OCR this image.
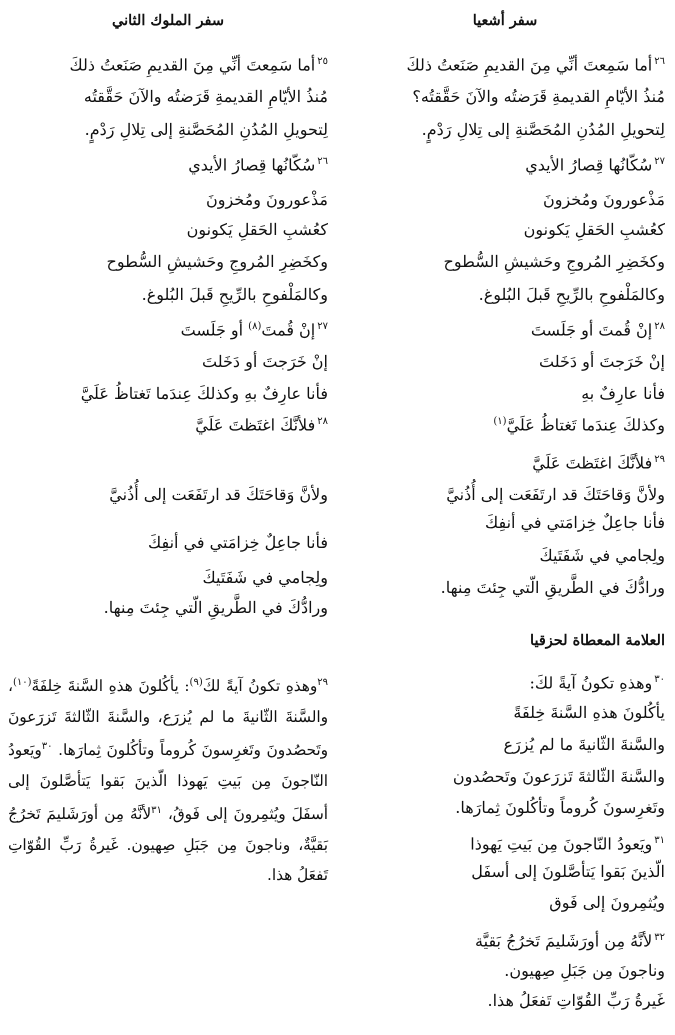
سفر أشعيا
$^{٢٦}$أما سَمِعتَ أنِّي مِنَ القديمِ صَنَعتُ ذلكَ
مُنذُ الأيّامِ القديمةِ قَرَضتُه والآنَ حَقَّقتُه؟
لِتحويلِ المُدُنِ المُحَصَّنةِ إلى تِلالِ رَدْمٍ.
$^{٢٧}$سُكّانُها قِصارُ الأيدي
مَذْعورونَ ومُخزونَ
كعُشبِ الحَقلِ يَكونون
وكخَضِرِ المُروجِ وحَشيشِ السُّطوح
وكالمَلْفوحِ بالرِّيحِ قَبلَ البُلوغ.
$^{٢٨}$إنْ قُمتَ أو جَلَستَ
إنْ خَرَجتَ أو دَخَلتَ
فأنا عارِفٌ بهِ
وكذلكَ عِندَما تَغتاظُ عَلَيَّ$^{(١)}$
$^{٢٩}$فلأنَّكَ اغتَظتَ عَلَيَّ
ولأنَّ وَقاحَتَكَ قد ارتَفَعَت إلى أُذُنيَّ
فأنا جاعِلٌ خِزامَتي في أنفِكَ
ولِجامي في شَفَتَيكَ
ورادُّكَ في الطَّريقِ الّتي جِئتَ مِنها.
العلامة المعطاة لحزقيا
$^{٣٠}$وهذهِ تكونُ آيةً لكَ:
يأكُلونَ هذهِ السَّنةَ خِلفَةً
والسَّنةَ الثّانيةَ ما لم يُزرَع
والسَّنةَ الثّالثةَ تَزرَعونَ وتَحصُدون
وتَغرِسونَ كُروماً وتأكُلونَ ثِمارَها.
$^{٣١}$ويَعودُ النّاجونَ مِن بَيتِ يَهوذا
الّذينَ بَقوا يَتأصَّلونَ إلى أسفَل
ويُثمِرونَ إلى فَوق
$^{٣٢}$لأنَّهُ مِن أورَشَليمَ تَخرُجُ بَقيَّة
وناجونَ مِن جَبَلِ صِهيون.
غَيرةُ رَبِّ القُوّاتِ تَفعَلُ هذا.
سفر الملوك الثاني
$^{٢٥}$أما سَمِعتَ أنِّي مِنَ القديمِ صَنَعتُ ذلكَ
مُنذُ الأيّامِ القديمةِ قَرَضتُه والآنَ حَقَّقتُه
لِتحويلِ المُدُنِ المُحَصَّنةِ إلى تِلالِ رَدْمٍ.
$^{٢٦}$سُكّانُها قِصارُ الأيدي
مَذْعورونَ ومُخزونَ
كعُشبِ الحَقلِ يَكونون
وكخَضِرِ المُروجِ وحَشيشِ السُّطوح
وكالمَلْفوحِ بالرِّيحِ قَبلَ البُلوغ.
$^{٢٧}$إنْ قُمتَ$^{(٨)}$ أو جَلَستَ
إنْ خَرَجتَ أو دَخَلتَ
فأنا عارِفٌ بهِ وكذلكَ عِندَما تَغتاظُ عَلَيَّ
$^{٢٨}$فلأنَّكَ اغتَظتَ عَلَيَّ
ولأنَّ وَقاحَتَكَ قد ارتَفَعَت إلى أُذُنيَّ
فأنا جاعِلٌ خِزامَتي في أنفِكَ
ولِجامي في شَفَتَيكَ
ورادُّكَ في الطَّريقِ الّتي جِئتَ مِنها.
$^{٢٩}$وهذهِ تكونُ آيةً لكَ$^{(٩)}$: يأكُلونَ هذهِ السَّنةَ خِلفَةً$^{(١٠)}$، والسَّنةَ الثّانيةَ ما لم يُزرَع، والسَّنةَ الثّالثةَ تَزرَعونَ وتَحصُدونَ وتَغرِسونَ كُروماً وتأكُلونَ ثِمارَها. $^{٣٠}$ويَعودُ النّاجونَ مِن بَيتِ يَهوذا الّذينَ بَقوا يَتأصَّلونَ إلى أسفَلَ ويُثمِرونَ إلى فَوقُ، $^{٣١}$لأنَّهُ مِن أورَشَليمَ تَخرُجُ بَقيَّةٌ، وناجونَ مِن جَبَلِ صِهيون. غَيرةُ رَبِّ القُوّاتِ تَفعَلُ هذا.
